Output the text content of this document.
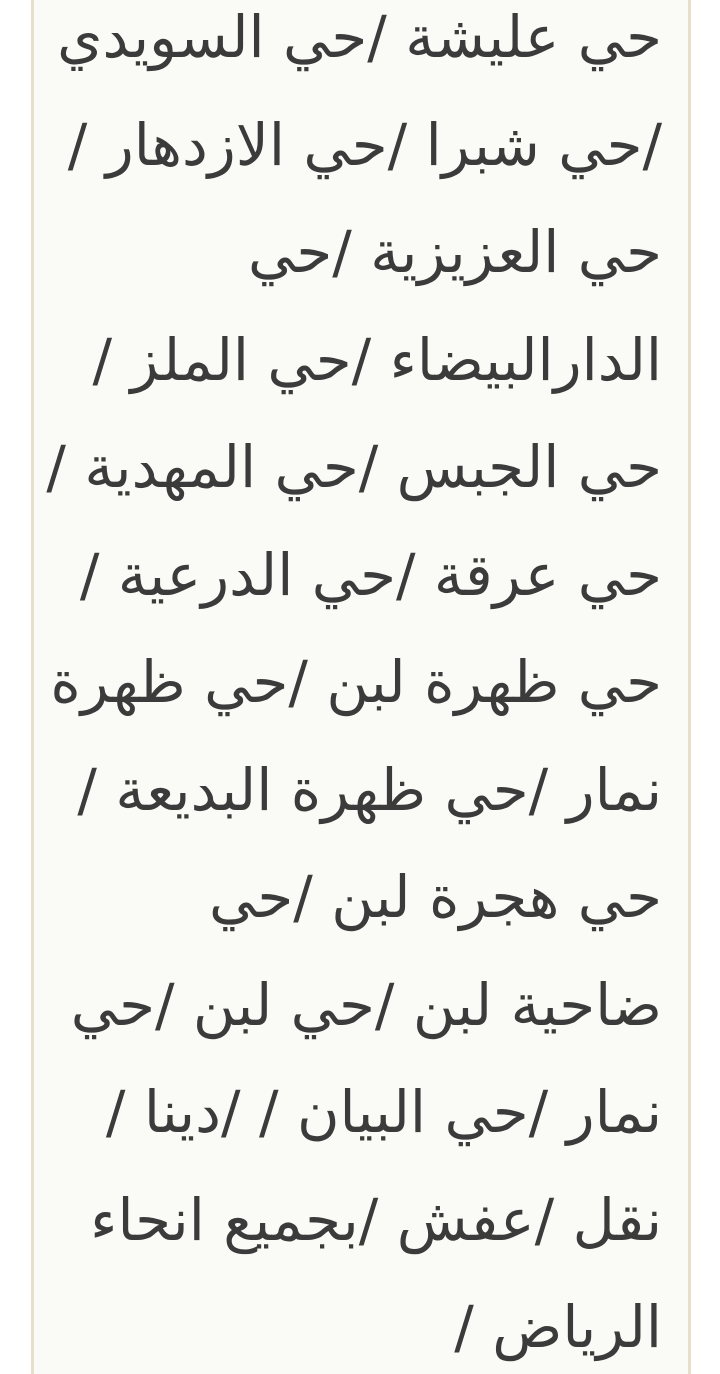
حي عليشة /حي السويدي
/حي شبرا /حي الازدهار /
حي العزيزية /حي
الدارالبيضاء /حي الملز /
حي الجبس /حي المهدية /
حي عرقة /حي الدرعية /
حي ظهرة لبن /حي ظهرة
نمار /حي ظهرة البديعة /
حي هجرة لبن /حي
ضاحية لبن /حي لبن /حي
نمار /حي البيان / /دينا /
نقل /عفش /بجميع انحاء
الرياض /
